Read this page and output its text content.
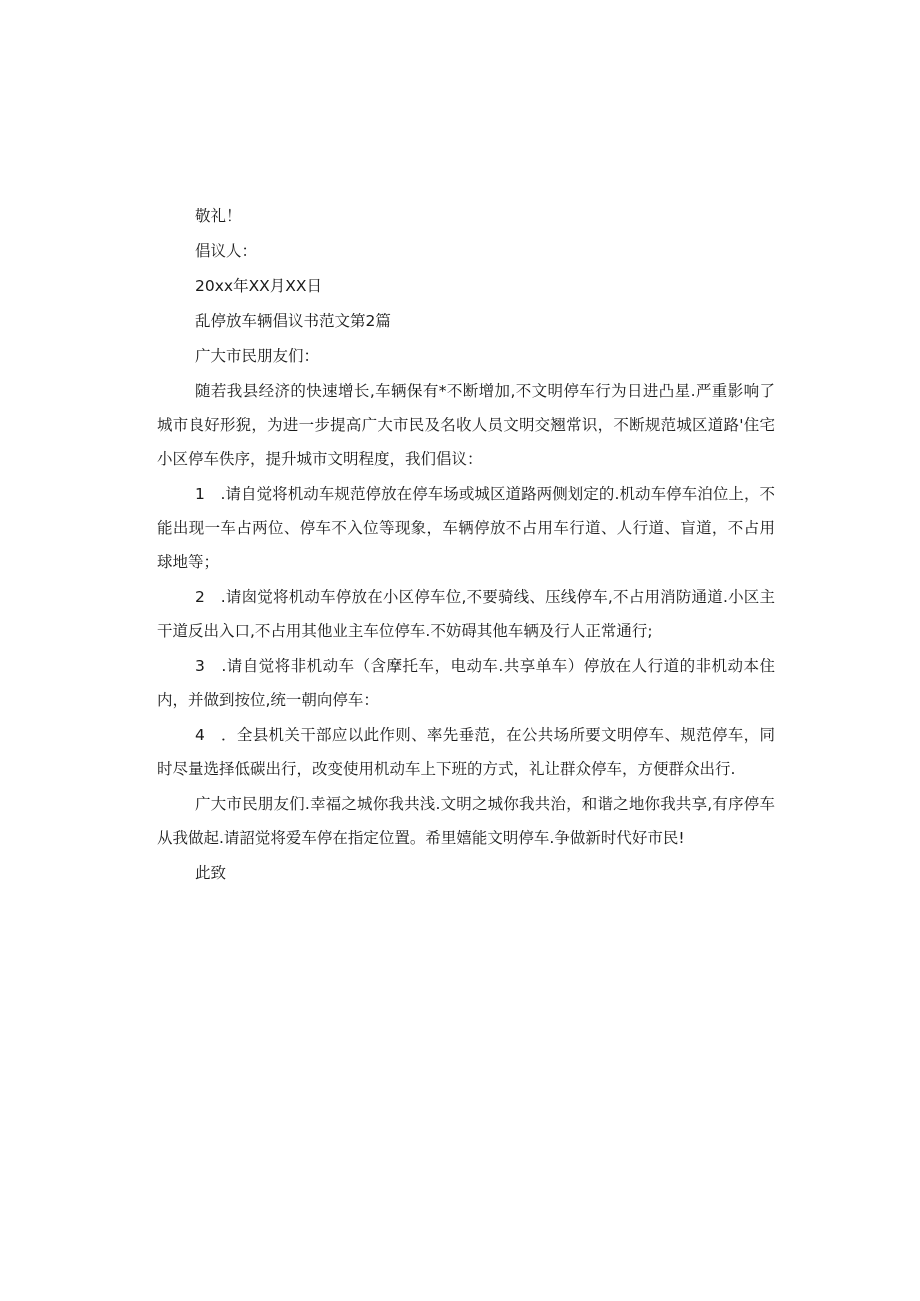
敬礼！

倡议人：

20xx年XX月XX日

乱停放车辆倡议书范文第2篇

广大市民朋友们：

随若我县经济的快速增长,车辆保有*不断增加,不文明停车行为日进凸星.严重影响了城市良好形猊，为进一步提高广大市民及名收人员文明交翘常识，不断规范城区道路'住宅小区停车佚序，提升城市文明程度，我们倡议：

1　.请自觉将机动车规范停放在停车场或城区道路两侧划定的.机动车停车泊位上，不能出现一车占两位、停车不入位等现象，车辆停放不占用车行道、人行道、盲道，不占用球地等；

2　.请囱觉将机动车停放在小区停车位,不要骑线、压线停车,不占用消防通道.小区主干道反出入口,不占用其他业主车位停车.不妨碍其他车辆及行人正常通行;

3　.请自觉将非机动车（含摩托车，电动车.共享单车）停放在人行道的非机动本住内，并做到按位,统一朝向停车：

4　．全县机关干部应以此作则、率先垂范，在公共场所要文明停车、规范停车，同时尽量选择低碳出行，改变使用机动车上下班的方式，礼让群众停车，方便群众出行.

广大市民朋友们.幸福之城你我共浅.文明之城你我共治，和谐之地你我共享,有序停车从我做起.请詔觉将爱车停在指定位置。希里嬉能文明停车.争做新时代好市民!

此致
